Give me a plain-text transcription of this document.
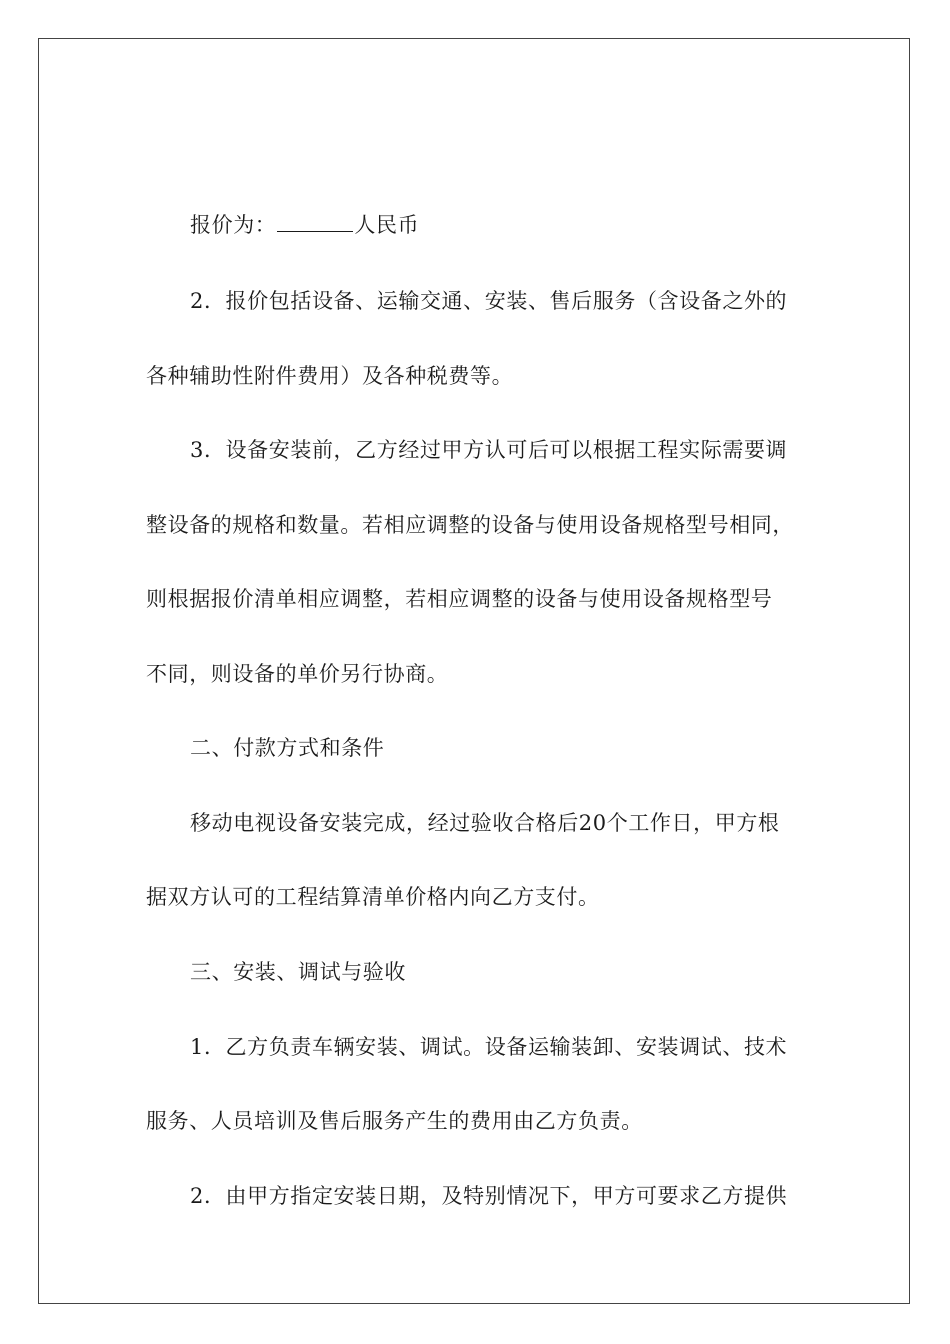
报价为：	人民币
2．报价包括设备、运输交通、安装、售后服务（含设备之外的
各种辅助性附件费用）及各种税费等。
3．设备安装前，乙方经过甲方认可后可以根据工程实际需要调
整设备的规格和数量。若相应调整的设备与使用设备规格型号相同，
则根据报价清单相应调整，若相应调整的设备与使用设备规格型号
不同，则设备的单价另行协商。
二、付款方式和条件
移动电视设备安装完成，经过验收合格后20个工作日，甲方根
据双方认可的工程结算清单价格内向乙方支付。
三、安装、调试与验收
1．乙方负责车辆安装、调试。设备运输装卸、安装调试、技术
服务、人员培训及售后服务产生的费用由乙方负责。
2．由甲方指定安装日期，及特别情况下，甲方可要求乙方提供
